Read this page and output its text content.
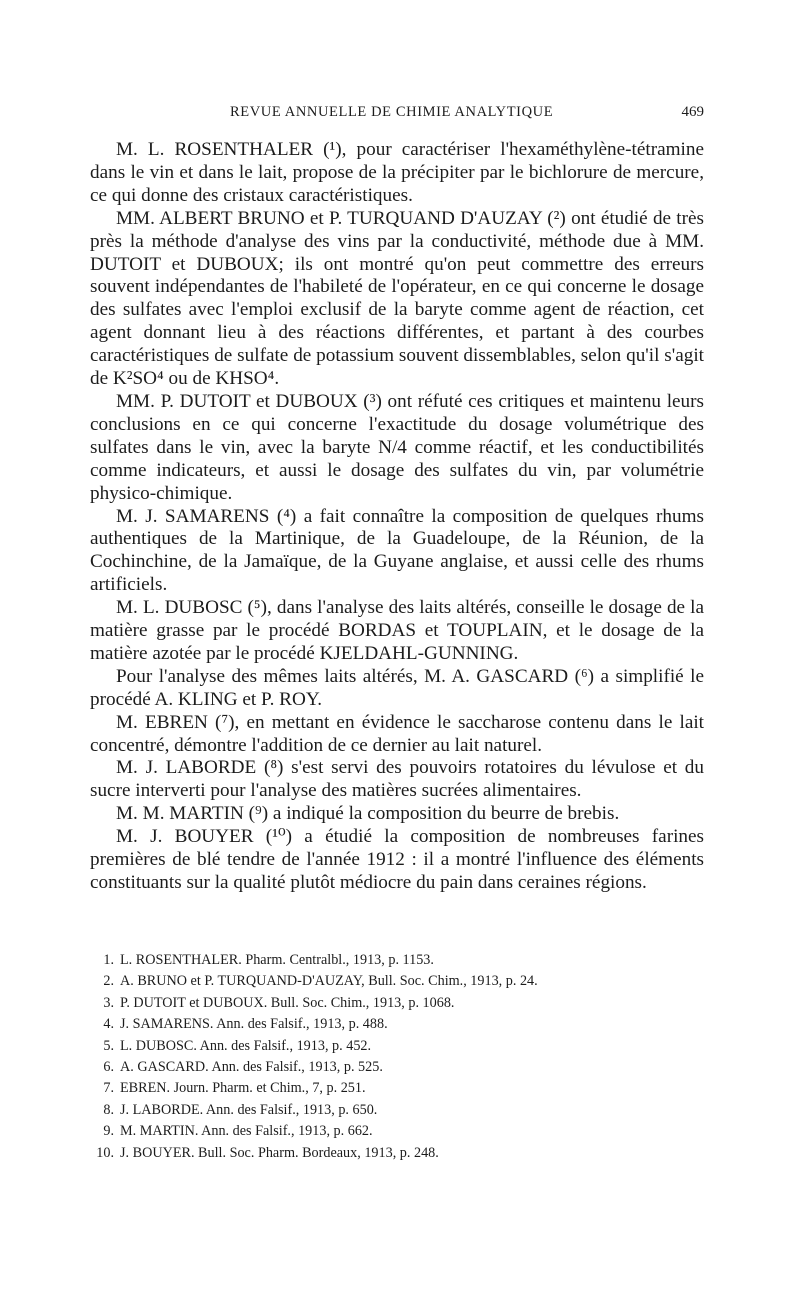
REVUE ANNUELLE DE CHIMIE ANALYTIQUE	469

M. L. ROSENTHALER (¹), pour caractériser l'hexaméthylène-tétramine dans le vin et dans le lait, propose de la précipiter par le bichlorure de mercure, ce qui donne des cristaux caractéristiques.

MM. ALBERT BRUNO et P. TURQUAND D'AUZAY (²) ont étudié de très près la méthode d'analyse des vins par la conductivité, méthode due à MM. DUTOIT et DUBOUX; ils ont montré qu'on peut commettre des erreurs souvent indépendantes de l'habileté de l'opérateur, en ce qui concerne le dosage des sulfates avec l'emploi exclusif de la baryte comme agent de réaction, cet agent donnant lieu à des réactions différentes, et partant à des courbes caractéristiques de sulfate de potassium souvent dissemblables, selon qu'il s'agit de K²SO⁴ ou de KHSO⁴.

MM. P. DUTOIT et DUBOUX (³) ont réfuté ces critiques et maintenu leurs conclusions en ce qui concerne l'exactitude du dosage volumétrique des sulfates dans le vin, avec la baryte N/4 comme réactif, et les conductibilités comme indicateurs, et aussi le dosage des sulfates du vin, par volumétrie physico-chimique.

M. J. SAMARENS (⁴) a fait connaître la composition de quelques rhums authentiques de la Martinique, de la Guadeloupe, de la Réunion, de la Cochinchine, de la Jamaïque, de la Guyane anglaise, et aussi celle des rhums artificiels.

M. L. DUBOSC (⁵), dans l'analyse des laits altérés, conseille le dosage de la matière grasse par le procédé BORDAS et TOUPLAIN, et le dosage de la matière azotée par le procédé KJELDAHL-GUNNING.

Pour l'analyse des mêmes laits altérés, M. A. GASCARD (⁶) a simplifié le procédé A. KLING et P. ROY.

M. EBREN (⁷), en mettant en évidence le saccharose contenu dans le lait concentré, démontre l'addition de ce dernier au lait naturel.

M. J. LABORDE (⁸) s'est servi des pouvoirs rotatoires du lévulose et du sucre interverti pour l'analyse des matières sucrées alimentaires.

M. M. MARTIN (⁹) a indiqué la composition du beurre de brebis.

M. J. BOUYER (¹⁰) a étudié la composition de nombreuses farines premières de blé tendre de l'année 1912 : il a montré l'influence des éléments constituants sur la qualité plutôt médiocre du pain dans ceraines régions.

1. L. ROSENTHALER. Pharm. Centralbl., 1913, p. 1153.
2. A. BRUNO et P. TURQUAND-D'AUZAY, Bull. Soc. Chim., 1913, p. 24.
3. P. DUTOIT et DUBOUX. Bull. Soc. Chim., 1913, p. 1068.
4. J. SAMARENS. Ann. des Falsif., 1913, p. 488.
5. L. DUBOSC. Ann. des Falsif., 1913, p. 452.
6. A. GASCARD. Ann. des Falsif., 1913, p. 525.
7. EBREN. Journ. Pharm. et Chim., 7, p. 251.
8. J. LABORDE. Ann. des Falsif., 1913, p. 650.
9. M. MARTIN. Ann. des Falsif., 1913, p. 662.
10. J. BOUYER. Bull. Soc. Pharm. Bordeaux, 1913, p. 248.
